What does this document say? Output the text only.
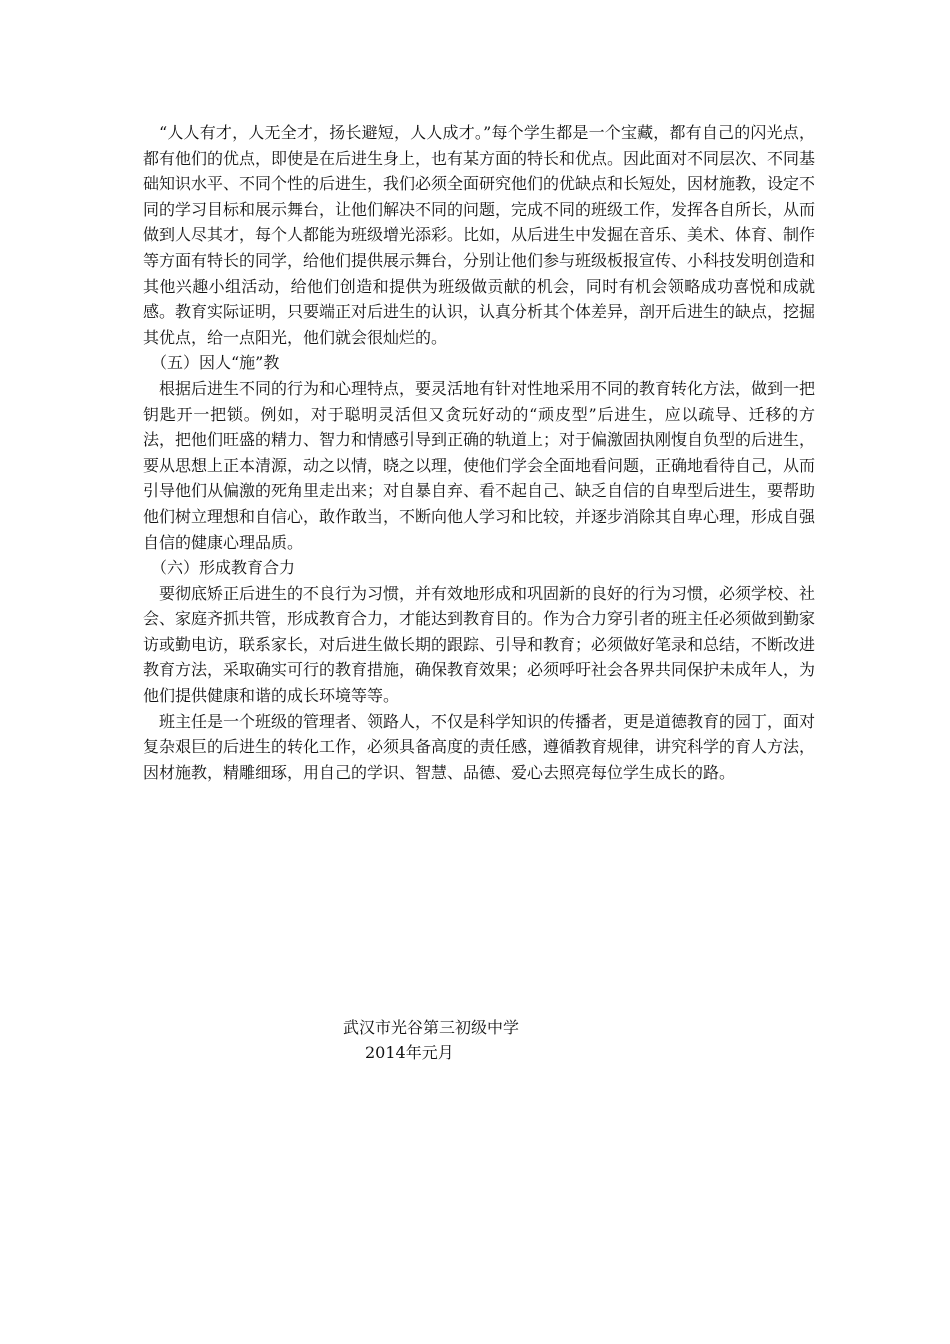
“人人有才，人无全才，扬长避短，人人成才。”每个学生都是一个宝藏，都有自己的闪光点，都有他们的优点，即使是在后进生身上，也有某方面的特长和优点。因此面对不同层次、不同基础知识水平、不同个性的后进生，我们必须全面研究他们的优缺点和长短处，因材施教，设定不同的学习目标和展示舞台，让他们解决不同的问题，完成不同的班级工作，发挥各自所长，从而做到人尽其才，每个人都能为班级增光添彩。比如，从后进生中发掘在音乐、美术、体育、制作等方面有特长的同学，给他们提供展示舞台，分别让他们参与班级板报宣传、小科技发明创造和其他兴趣小组活动，给他们创造和提供为班级做贡献的机会，同时有机会领略成功喜悦和成就感。教育实际证明，只要端正对后进生的认识，认真分析其个体差异，剖开后进生的缺点，挖掘其优点，给一点阳光，他们就会很灿烂的。

（五）因人“施”教

根据后进生不同的行为和心理特点，要灵活地有针对性地采用不同的教育转化方法，做到一把钥匙开一把锁。例如，对于聪明灵活但又贪玩好动的“顽皮型”后进生，应以疏导、迁移的方法，把他们旺盛的精力、智力和情感引导到正确的轨道上；对于偏激固执刚愎自负型的后进生，要从思想上正本清源，动之以情，晓之以理，使他们学会全面地看问题，正确地看待自己，从而引导他们从偏激的死角里走出来；对自暴自弃、看不起自己、缺乏自信的自卑型后进生，要帮助他们树立理想和自信心，敢作敢当，不断向他人学习和比较，并逐步消除其自卑心理，形成自强自信的健康心理品质。

（六）形成教育合力

要彻底矫正后进生的不良行为习惯，并有效地形成和巩固新的良好的行为习惯，必须学校、社会、家庭齐抓共管，形成教育合力，才能达到教育目的。作为合力穿引者的班主任必须做到勤家访或勤电访，联系家长，对后进生做长期的跟踪、引导和教育；必须做好笔录和总结，不断改进教育方法，采取确实可行的教育措施，确保教育效果；必须呼吁社会各界共同保护未成年人，为他们提供健康和谐的成长环境等等。

班主任是一个班级的管理者、领路人，不仅是科学知识的传播者，更是道德教育的园丁，面对复杂艰巨的后进生的转化工作，必须具备高度的责任感，遵循教育规律，讲究科学的育人方法，因材施教，精雕细琢，用自己的学识、智慧、品德、爱心去照亮每位学生成长的路。

武汉市光谷第三初级中学
2014年元月
